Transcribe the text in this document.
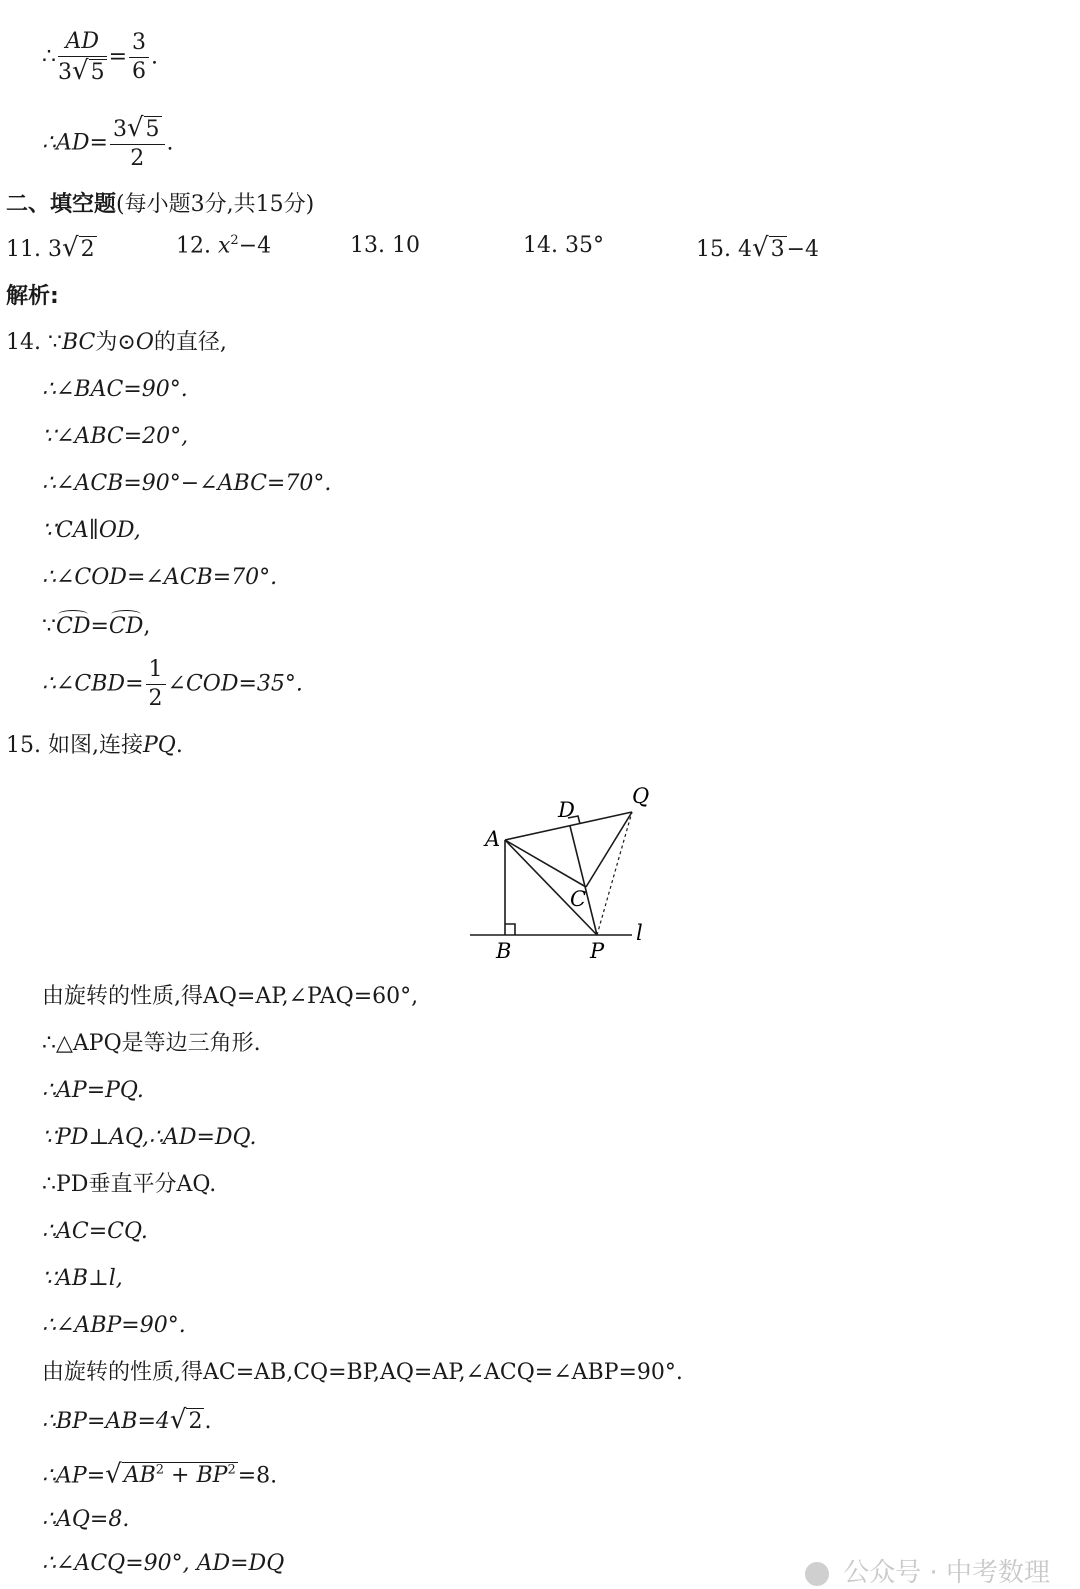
∴ $\frac{AD}{3√5} = \frac{3}{6}$ .
∴AD= $\frac{3√5}{2}$ .
二、填空题(每小题3分,共15分)
11. 3√2	12. $x^2-4$	13. 10	14. 35°	15. 4√3−4
解析:
14. ∵BC为⊙O的直径,
∴∠BAC=90°.
∵∠ABC=20°,
∴∠ACB=90°−∠ABC=70°.
∵CA∥OD,
∴∠COD=∠ACB=70°.
∵CD=CD,
∴∠CBD= $\frac{1}{2}$ ∠COD=35°.
15. 如图,连接PQ.
A
B
C
D
P
Q
l
由旋转的性质,得AQ=AP,∠PAQ=60°,
∴△APQ是等边三角形.
∴AP=PQ.
∵PD⊥AQ,∴AD=DQ.
∴PD垂直平分AQ.
∴AC=CQ.
∵AB⊥l,
∴∠ABP=90°.
由旋转的性质,得AC=AB,CQ=BP,AQ=AP,∠ACQ=∠ABP=90°.
∴BP=AB=4√2.
$\therefore AP=√AB^2 + BP^2=8$.
∴AQ=8.
∴∠ACQ=90°, AD=DQ	公众号 · 中考数理
